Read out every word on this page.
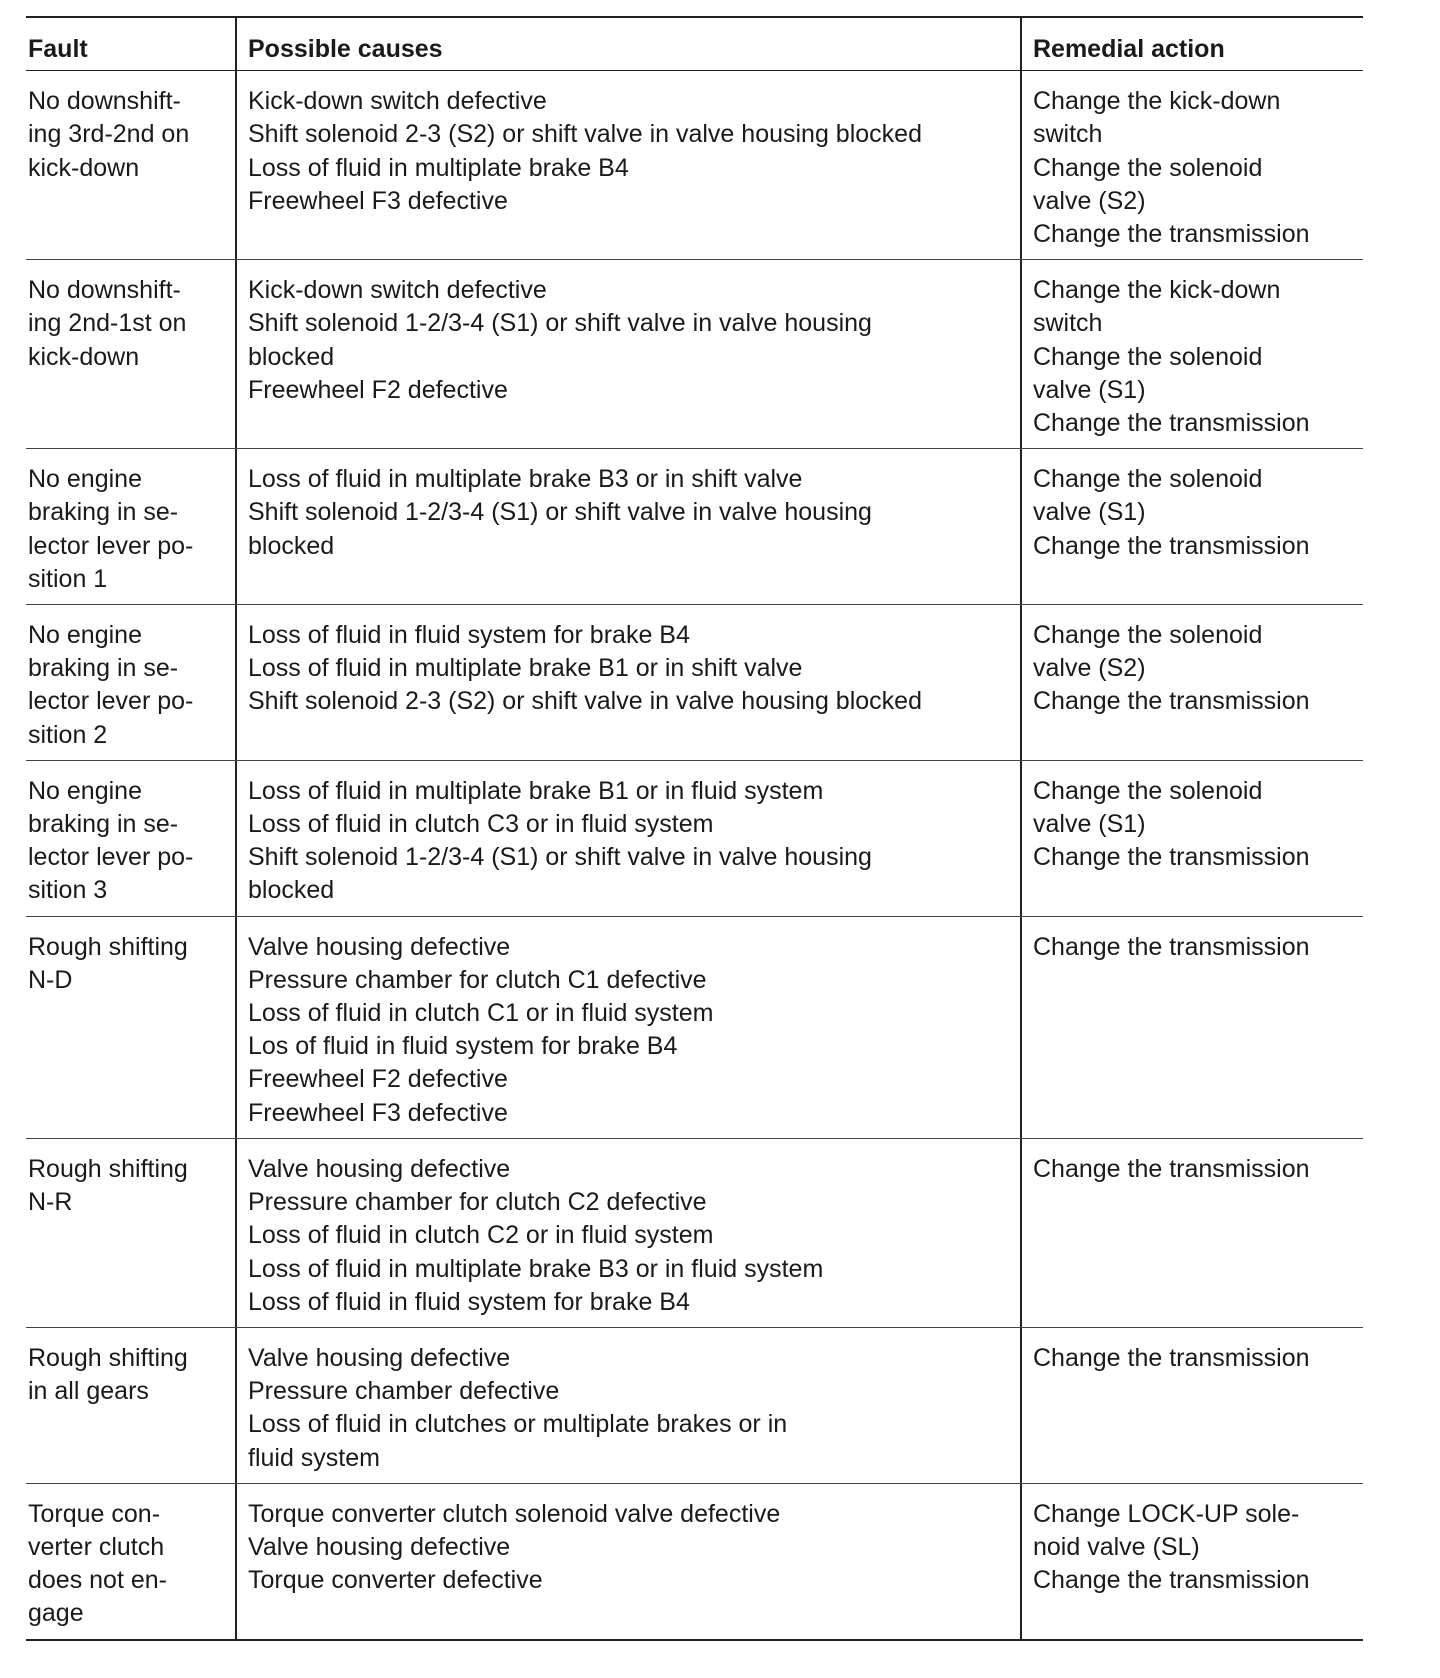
Fault	Possible causes	Remedial action
No downshift-
ing 3rd-2nd on
kick-down
Kick-down switch defective
Shift solenoid 2-3 (S2) or shift valve in valve housing blocked
Loss of fluid in multiplate brake B4
Freewheel F3 defective
Change the kick-down
switch
Change the solenoid
valve (S2)
Change the transmission
No downshift-
ing 2nd-1st on
kick-down
Kick-down switch defective
Shift solenoid 1-2/3-4 (S1) or shift valve in valve housing
blocked
Freewheel F2 defective
Change the kick-down
switch
Change the solenoid
valve (S1)
Change the transmission
No engine
braking in se-
lector lever po-
sition 1
Loss of fluid in multiplate brake B3 or in shift valve
Shift solenoid 1-2/3-4 (S1) or shift valve in valve housing
blocked
Change the solenoid
valve (S1)
Change the transmission
No engine
braking in se-
lector lever po-
sition 2
Loss of fluid in fluid system for brake B4
Loss of fluid in multiplate brake B1 or in shift valve
Shift solenoid 2-3 (S2) or shift valve in valve housing blocked
Change the solenoid
valve (S2)
Change the transmission
No engine
braking in se-
lector lever po-
sition 3
Loss of fluid in multiplate brake B1 or in fluid system
Loss of fluid in clutch C3 or in fluid system
Shift solenoid 1-2/3-4 (S1) or shift valve in valve housing
blocked
Change the solenoid
valve (S1)
Change the transmission
Rough shifting
N-D
Valve housing defective
Pressure chamber for clutch C1 defective
Loss of fluid in clutch C1 or in fluid system
Los of fluid in fluid system for brake B4
Freewheel F2 defective
Freewheel F3 defective
Change the transmission
Rough shifting
N-R
Valve housing defective
Pressure chamber for clutch C2 defective
Loss of fluid in clutch C2 or in fluid system
Loss of fluid in multiplate brake B3 or in fluid system
Loss of fluid in fluid system for brake B4
Change the transmission
Rough shifting
in all gears
Valve housing defective
Pressure chamber defective
Loss of fluid in clutches or multiplate brakes or in
fluid system
Change the transmission
Torque con-
verter clutch
does not en-
gage
Torque converter clutch solenoid valve defective
Valve housing defective
Torque converter defective
Change LOCK-UP sole-
noid valve (SL)
Change the transmission
